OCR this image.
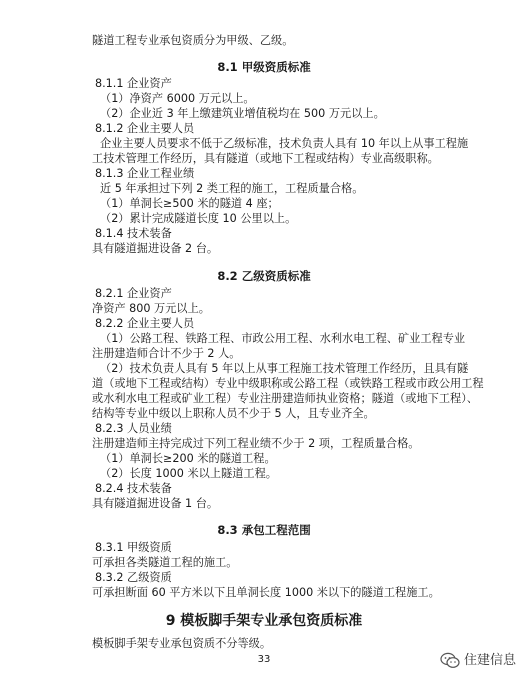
隧道工程专业承包资质分为甲级、乙级。
8.1 甲级资质标准
8.1.1 企业资产
（1）净资产 6000 万元以上。
（2）企业近 3 年上缴建筑业增值税均在 500 万元以上。
8.1.2 企业主要人员
企业主要人员要求不低于乙级标准，技术负责人具有 10 年以上从事工程施
工技术管理工作经历，具有隧道（或地下工程或结构）专业高级职称。
8.1.3 企业工程业绩
近 5 年承担过下列 2 类工程的施工，工程质量合格。
（1）单洞长≥500 米的隧道 4 座；
（2）累计完成隧道长度 10 公里以上。
8.1.4 技术装备
具有隧道掘进设备 2 台。
8.2 乙级资质标准
8.2.1 企业资产
净资产 800 万元以上。
8.2.2 企业主要人员
（1）公路工程、铁路工程、市政公用工程、水利水电工程、矿业工程专业
注册建造师合计不少于 2 人。
（2）技术负责人具有 5 年以上从事工程施工技术管理工作经历，且具有隧
道（或地下工程或结构）专业中级职称或公路工程（或铁路工程或市政公用工程
或水利水电工程或矿业工程）专业注册建造师执业资格；隧道（或地下工程）、
结构等专业中级以上职称人员不少于 5 人，且专业齐全。
8.2.3 人员业绩
注册建造师主持完成过下列工程业绩不少于 2 项，工程质量合格。
（1）单洞长≥200 米的隧道工程。
（2）长度 1000 米以上隧道工程。
8.2.4 技术装备
具有隧道掘进设备 1 台。
8.3 承包工程范围
8.3.1 甲级资质
可承担各类隧道工程的施工。
8.3.2 乙级资质
可承担断面 60 平方米以下且单洞长度 1000 米以下的隧道工程施工。
9 模板脚手架专业承包资质标准
模板脚手架专业承包资质不分等级。
33	住建信息
